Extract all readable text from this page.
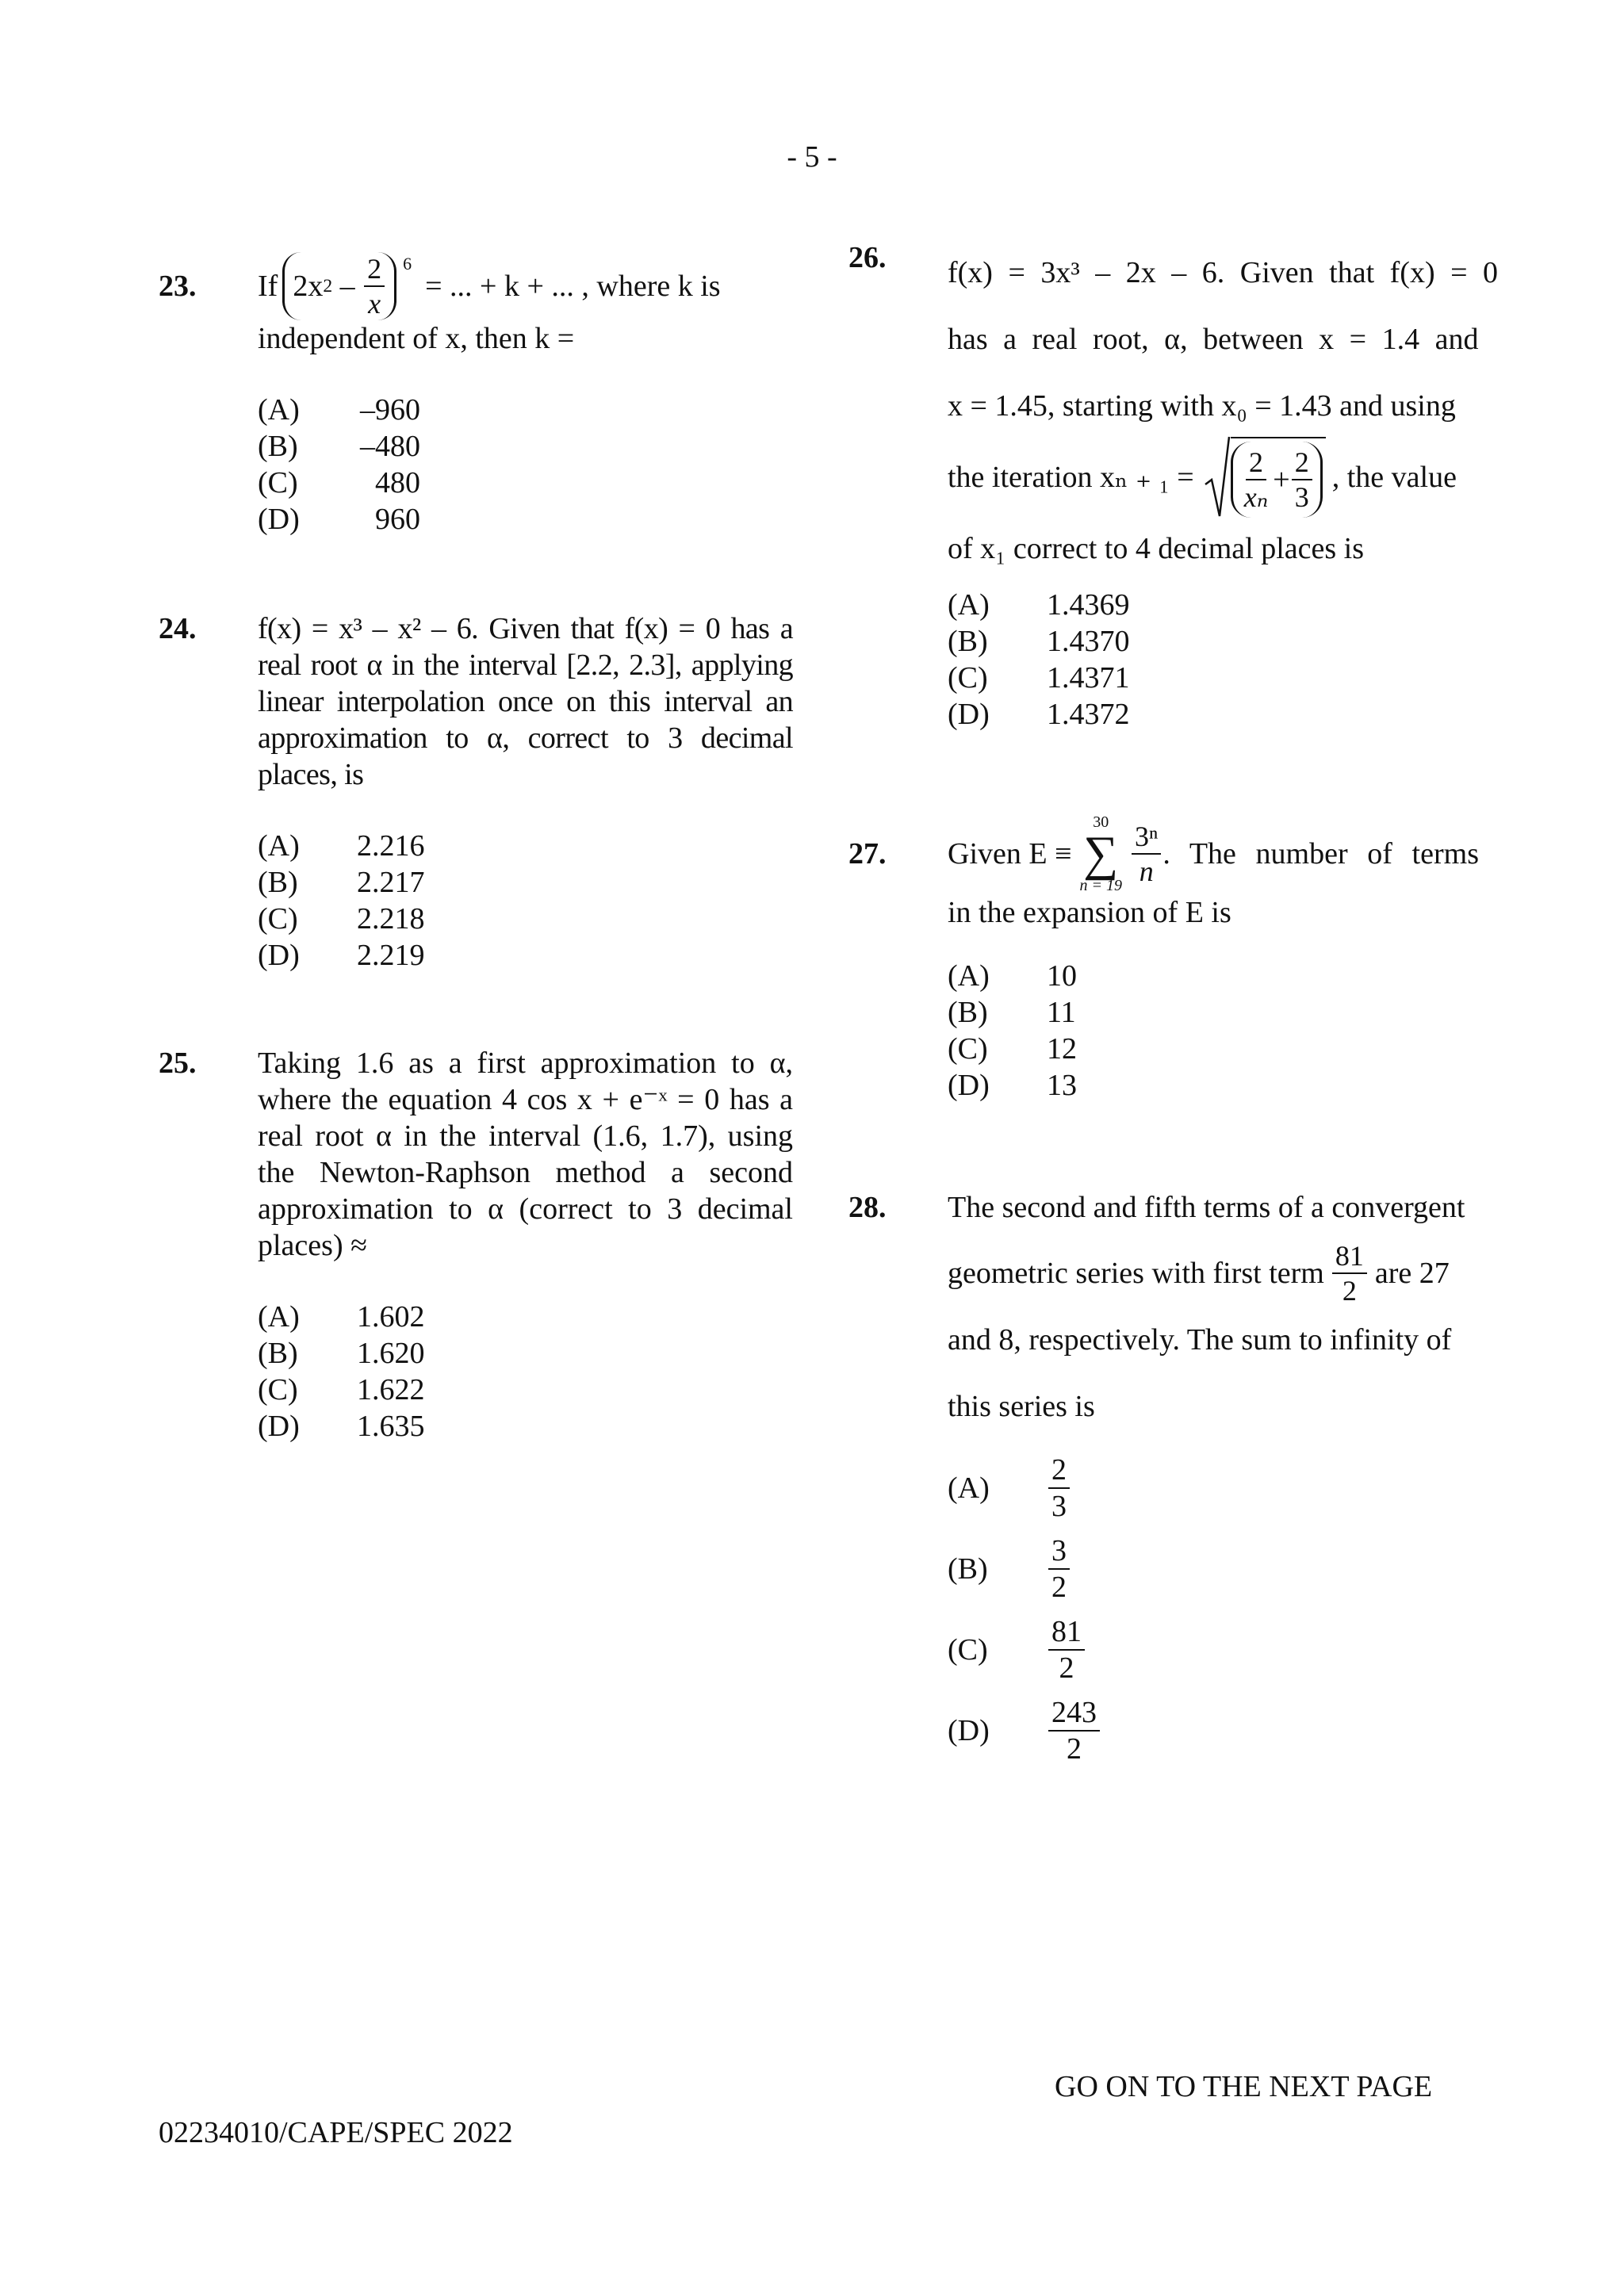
- 5 -
23. If 2x $2 - \frac{2}{x} 6$
= ... + k + ... , where k is
independent of x, then k =
(A)	–960
(B)	–480
(C)	480
(D)	960
24. f(x) = x³ – x² – 6. Given that f(x) = 0 has a real root α in the interval [2.2, 2.3], applying linear interpolation once on this interval an approximation to α, correct to 3 decimal places, is
(A)	2.216
(B)	2.217
(C)	2.218
(D)	2.219
25. Taking 1.6 as a first approximation to α, where the equation 4 cos x + e⁻ˣ = 0 has a real root α in the interval (1.6, 1.7), using the Newton-Raphson method a second approximation to α (correct to 3 decimal places) ≈
(A)	1.602
(B)	1.620
(C)	1.622
(D)	1.635
26. f(x) = 3x³ – 2x – 6. Given that f(x) = 0
has a real root, α, between x = 1.4 and
x = 1.45, starting with x₀ = 1.43 and using
the iteration xₙ ₊ $_1 = \frac{2}{\text{xₙ}} + \frac{2}{3}$ , the value
of x₁ correct to 4 decimal places is
(A)	1.4369
(B)	1.4370
(C)	1.4371
(D)	1.4372
27. Given E ≡
30
∑
$n = 19 \frac{\text{3ⁿ}}{n}$ . The number of terms
in the expansion of E is
(A)	10
(B)	11
(C)	12
(D)	13
28. The second and fifth terms of a convergent
geometric series with first term $\frac{81}{2}$ are 27
and 8, respectively. The sum to infinity of
this series is
(A)	$\frac{2}{3}$
(B)	$\frac{3}{2}$
(C)	$\frac{81}{2}$
(D)	$\frac{243}{2}$
GO ON TO THE NEXT PAGE
02234010/CAPE/SPEC 2022
